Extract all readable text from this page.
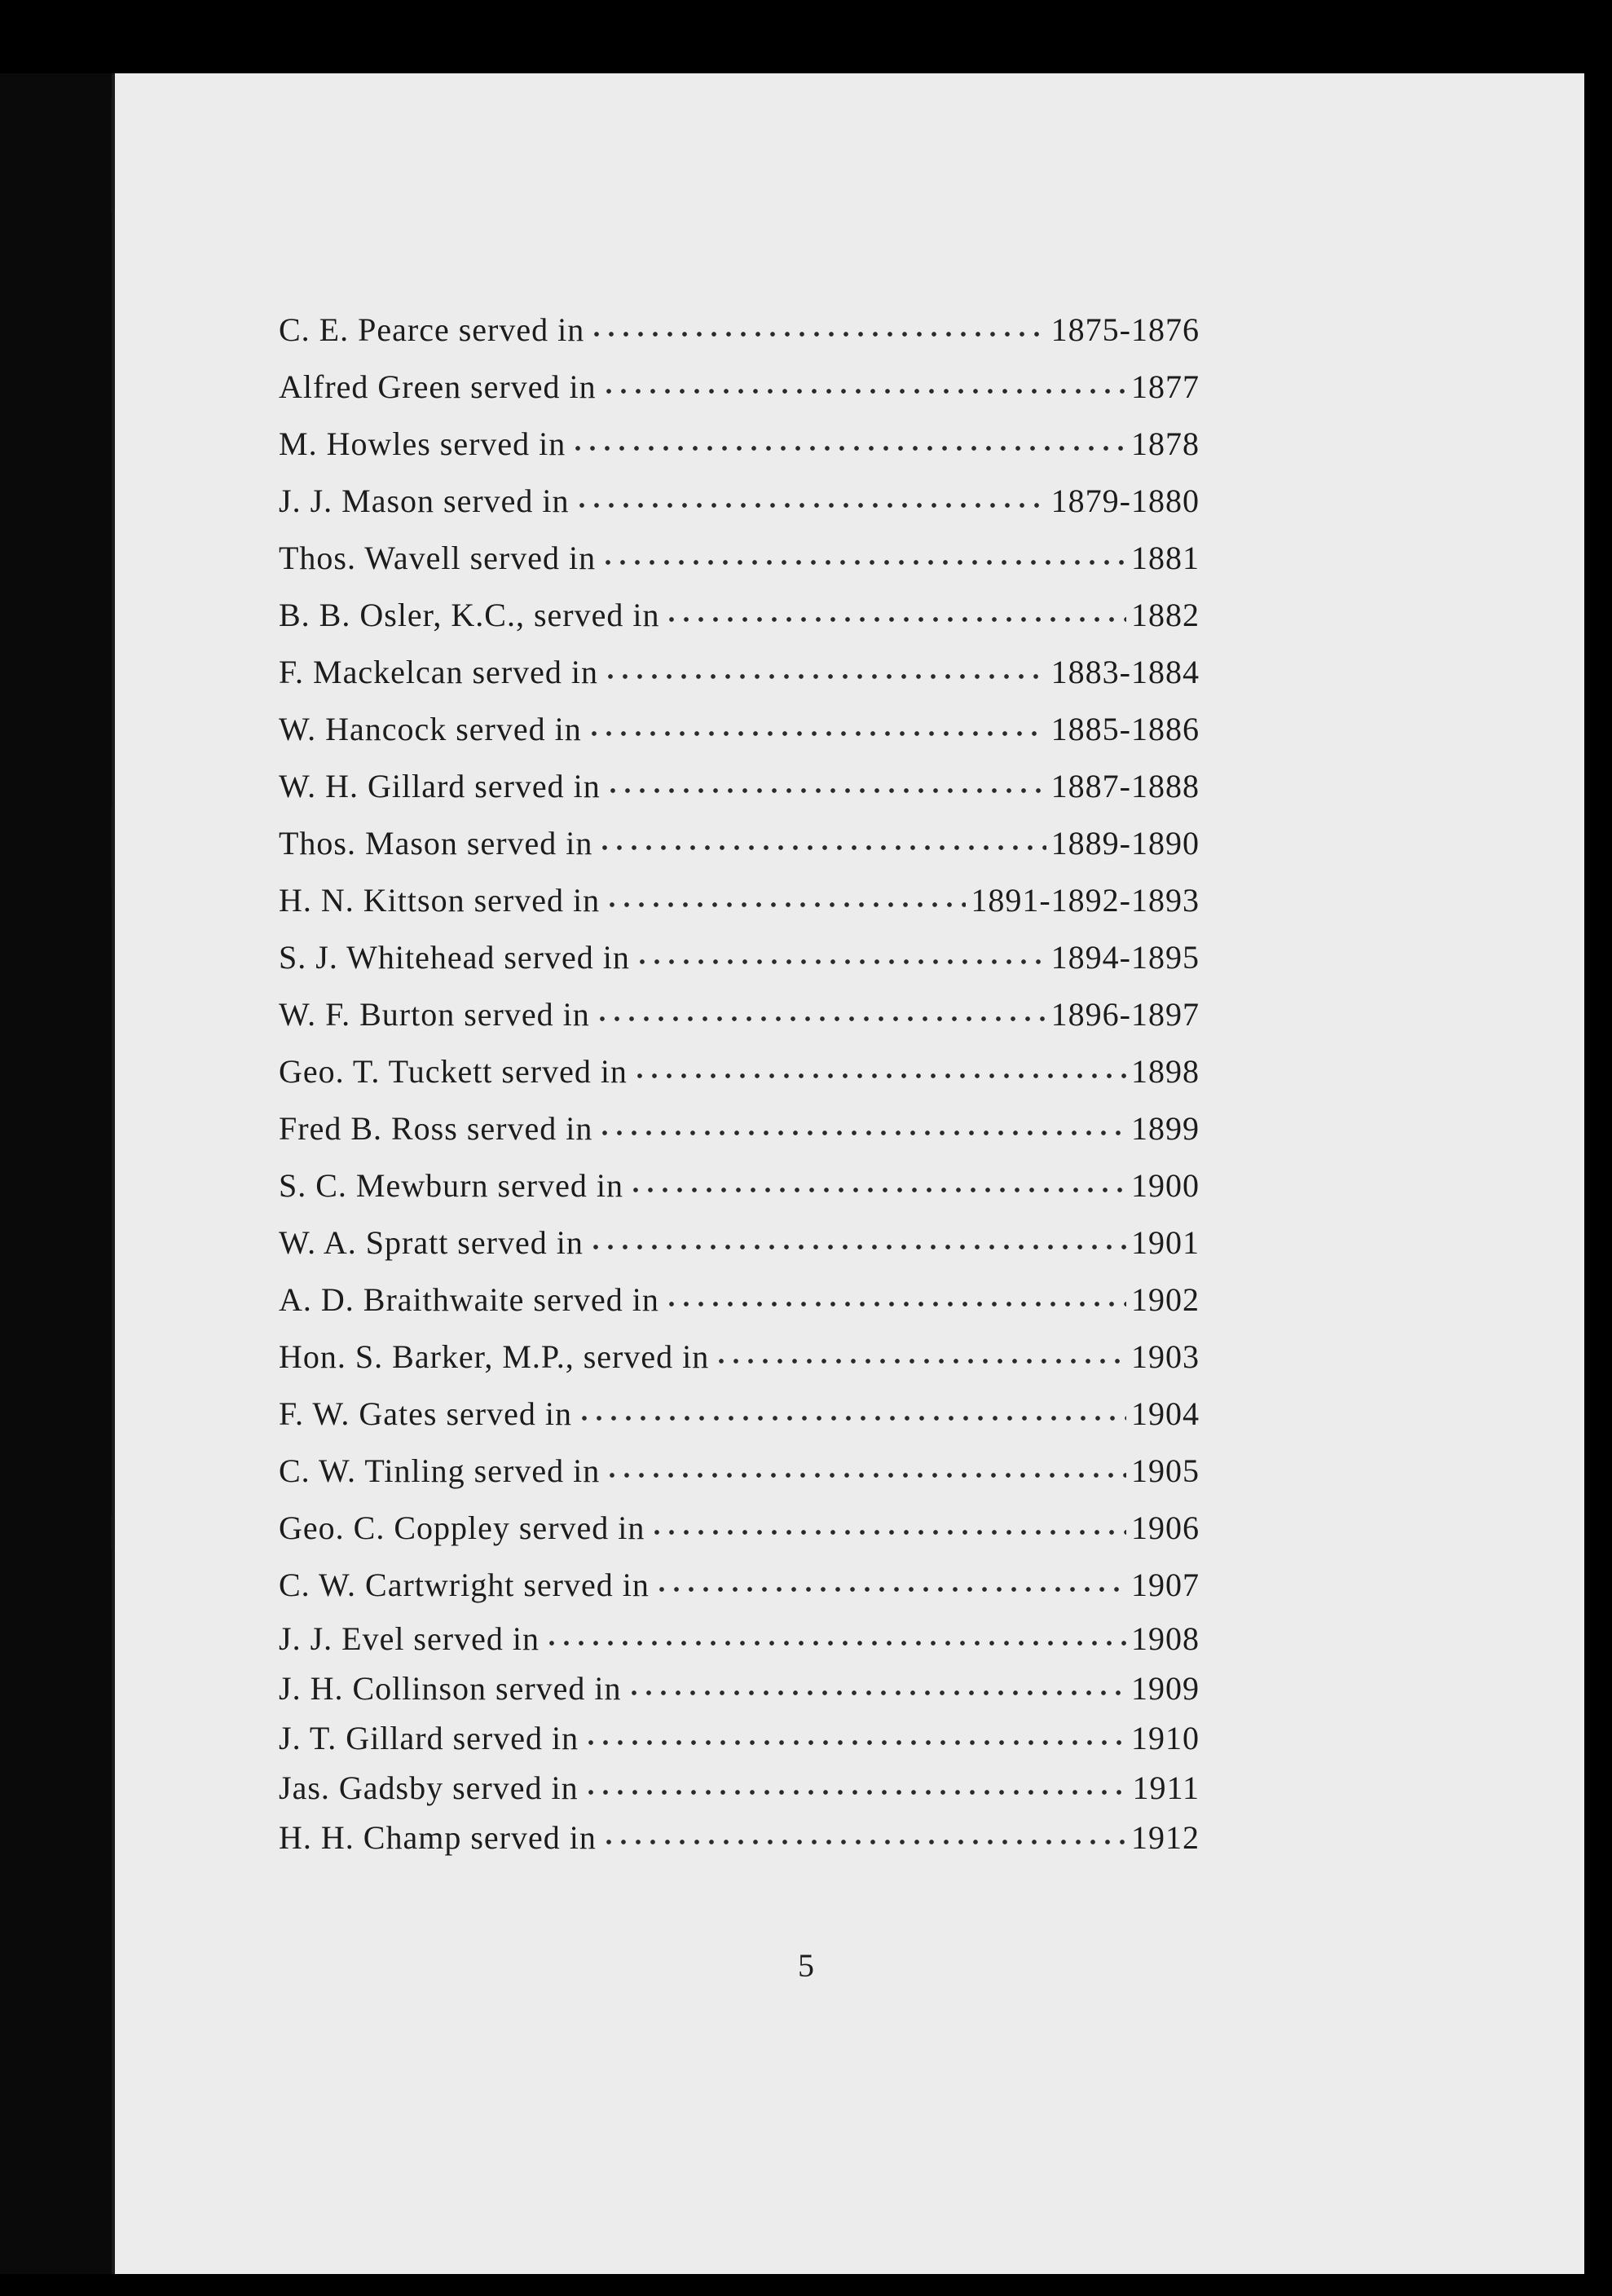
C. E. Pearce served in	1875-1876
Alfred Green served in	1877
M. Howles served in	1878
J. J. Mason served in	1879-1880
Thos. Wavell served in	1881
B. B. Osler, K.C., served in	1882
F. Mackelcan served in	1883-1884
W. Hancock served in	1885-1886
W. H. Gillard served in	1887-1888
Thos. Mason served in	1889-1890
H. N. Kittson served in	1891-1892-1893
S. J. Whitehead served in	1894-1895
W. F. Burton served in	1896-1897
Geo. T. Tuckett served in	1898
Fred B. Ross served in	1899
S. C. Mewburn served in	1900
W. A. Spratt served in	1901
A. D. Braithwaite served in	1902
Hon. S. Barker, M.P., served in	1903
F. W. Gates served in	1904
C. W. Tinling served in	1905
Geo. C. Coppley served in	1906
C. W. Cartwright served in	1907
J. J. Evel served in	1908
J. H. Collinson served in	1909
J. T. Gillard served in	1910
Jas. Gadsby served in	1911
H. H. Champ served in	1912
5
